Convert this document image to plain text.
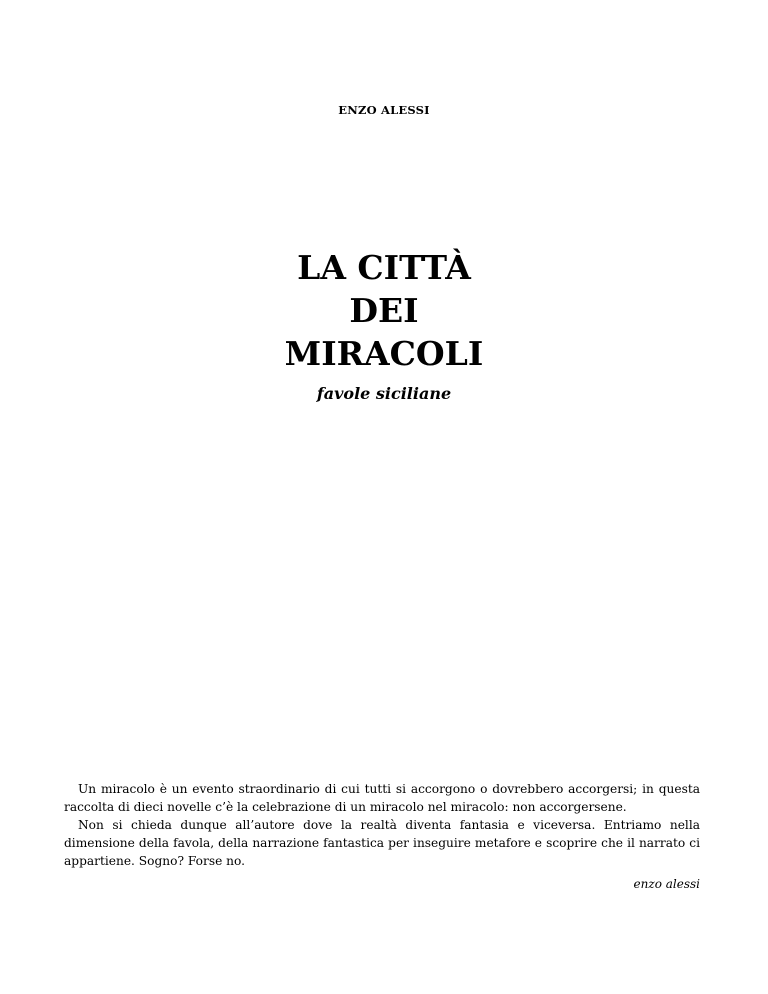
ENZO ALESSI
LA CITTÀ
DEI
MIRACOLI
favole siciliane

Un miracolo è un evento straordinario di cui tutti si accorgono o dovrebbero accorgersi; in questa raccolta di dieci novelle c’è la celebrazione di un miracolo nel miracolo: non accorgersene.

Non si chieda dunque all’autore dove la realtà diventa fantasia e viceversa. Entriamo nella dimensione della favola, della narrazione fantastica per inseguire metafore e scoprire che il narrato ci appartiene. Sogno? Forse no.

enzo alessi
